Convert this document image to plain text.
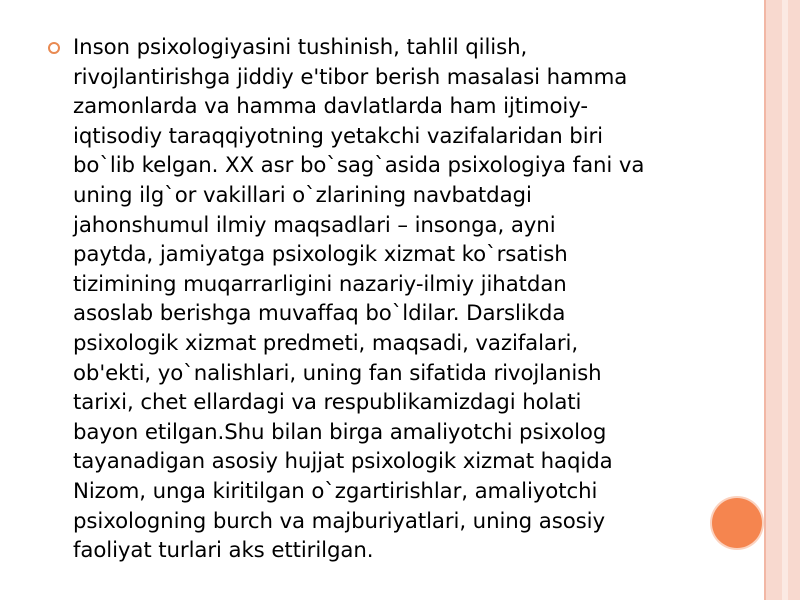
Inson psixologiyasini tushinish, tahlil qilish,
rivojlantirishga jiddiy e'tibor berish masalasi hamma
zamonlarda va hamma davlatlarda ham ijtimoiy-
iqtisodiy taraqqiyotning yetakchi vazifalaridan biri
bo`lib kelgan. XX asr bo`sag`asida psixologiya fani va
uning ilg`or vakillari o`zlarining navbatdagi
jahonshumul ilmiy maqsadlari – insonga, ayni
paytda, jamiyatga psixologik xizmat ko`rsatish
tizimining muqarrarligini nazariy-ilmiy jihatdan
asoslab berishga muvaffaq bo`ldilar. Darslikda
psixologik xizmat predmeti, maqsadi, vazifalari,
ob'ekti, yo`nalishlari, uning fan sifatida rivojlanish
tarixi, chet ellardagi va respublikamizdagi holati
bayon etilgan.Shu bilan birga amaliyotchi psixolog
tayanadigan asosiy hujjat psixologik xizmat haqida
Nizom, unga kiritilgan o`zgartirishlar, amaliyotchi
psixologning burch va majburiyatlari, uning asosiy
faoliyat turlari aks ettirilgan.
